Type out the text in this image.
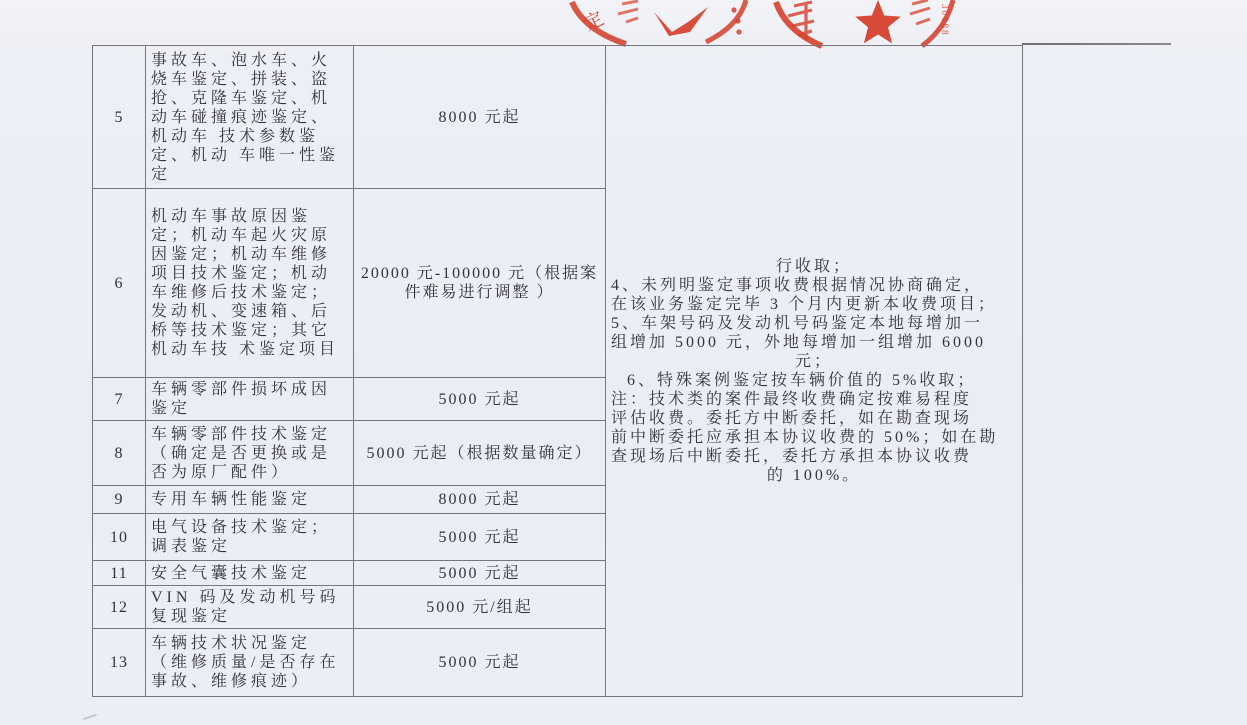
定	30088
5	事故车、泡水车、火烧车鉴定、拼装、盗抢、克隆车鉴定、机动车碰撞痕迹鉴定、机动车 技术参数鉴定、机动 车唯一性鉴定	8000 元起	
行收取；
4、未列明鉴定事项收费根据情况协商确定，
在该业务鉴定完毕 3 个月内更新本收费项目；
5、车架号码及发动机号码鉴定本地每增加一
组增加 5000 元，外地每增加一组增加 6000
元；
6、特殊案例鉴定按车辆价值的 5%收取；
注：技术类的案件最终收费确定按难易程度
评估收费。委托方中断委托，如在勘查现场
前中断委托应承担本协议收费的 50%；如在勘
查现场后中断委托，委托方承担本协议收费
的 100%。

6	机动车事故原因鉴定；机动车起火灾原因鉴定；机动车维修项目技术鉴定；机动车维修后技术鉴定；发动机、变速箱、后桥等技术鉴定；其它机动车技 术鉴定项目	20000 元-100000 元（根据案件难易进行调整 ）	
7	车辆零部件损坏成因鉴定	5000 元起	
8	车辆零部件技术鉴定（确定是否更换或是否为原厂配件）	5000 元起（根据数量确定）	
9	专用车辆性能鉴定	8000 元起	
10	电气设备技术鉴定；调表鉴定	5000 元起	
11	安全气囊技术鉴定	5000 元起	
12	VIN 码及发动机号码复现鉴定	5000 元/组起	
13	车辆技术状况鉴定（维修质量/是否存在事故、维修痕迹）	5000 元起	
